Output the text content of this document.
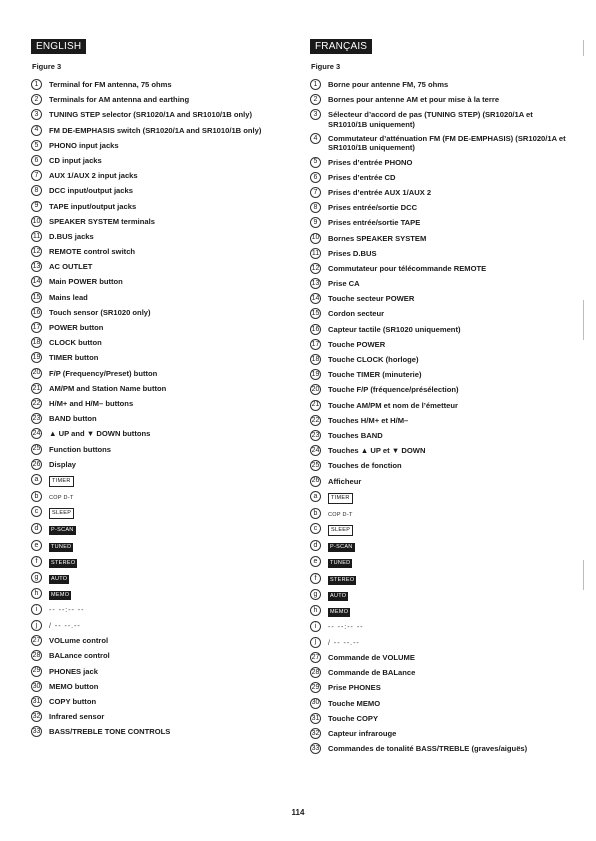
ENGLISH
Figure 3
1	Terminal for FM antenna, 75 ohms
2	Terminals for AM antenna and earthing
3	TUNING STEP selector (SR1020/1A and SR1010/1B only)
4	FM DE-EMPHASIS switch (SR1020/1A and SR1010/1B only)
5	PHONO input jacks
6	CD input jacks
7	AUX 1/AUX 2 input jacks
8	DCC input/output jacks
9	TAPE input/output jacks
10 SPEAKER SYSTEM terminals
11 D.BUS jacks
12 REMOTE control switch
13 AC OUTLET
14 Main POWER button
15 Mains lead
16 Touch sensor (SR1020 only)
17 POWER button
18 CLOCK button
19 TIMER button
20 F/P (Frequency/Preset) button
21 AM/PM and Station Name button
22 H/M+ and H/M– buttons
23 BAND button
24 ▲ UP and ▼ DOWN buttons
25 Function buttons
26 Display
a	TIMER
b	COP D-T
c	SLEEP
d	P-SCAN
e	TUNED
f	STEREO
g	AUTO
h	MEMO
i	-- --:-- --
j	/ -- --.--
27 VOLume control
28 BALance control
29 PHONES jack
30 MEMO button
31 COPY button
32 Infrared sensor
33 BASS/TREBLE TONE CONTROLS
FRANÇAIS
Figure 3
1	Borne pour antenne FM, 75 ohms
2	Bornes pour antenne AM et pour mise à la terre
3	Sélecteur d’accord de pas (TUNING STEP) (SR1020/1A et SR1010/1B uniquement)
4	Commutateur d’atténuation FM (FM DE-EMPHASIS) (SR1020/1A et SR1010/1B uniquement)
5	Prises d’entrée PHONO
6	Prises d’entrée CD
7	Prises d’entrée AUX 1/AUX 2
8	Prises entrée/sortie DCC
9	Prises entrée/sortie TAPE
10 Bornes SPEAKER SYSTEM
11 Prises D.BUS
12 Commutateur pour télécommande REMOTE
13 Prise CA
14 Touche secteur POWER
15 Cordon secteur
16 Capteur tactile (SR1020 uniquement)
17 Touche POWER
18 Touche CLOCK (horloge)
19 Touche TIMER (minuterie)
20 Touche F/P (fréquence/présélection)
21 Touche AM/PM et nom de l’émetteur
22 Touches H/M+ et H/M–
23 Touches BAND
24 Touches ▲ UP et ▼ DOWN
25 Touches de fonction
26 Afficheur
a	TIMER
b	COP D-T
c	SLEEP
d	P-SCAN
e	TUNED
f	STEREO
g	AUTO
h	MEMO
i	-- --:-- --
j	/ -- --.--
27 Commande de VOLUME
28 Commande de BALance
29 Prise PHONES
30 Touche MEMO
31 Touche COPY
32 Capteur infrarouge
33 Commandes de tonalité BASS/TREBLE (graves/aiguës)
114
